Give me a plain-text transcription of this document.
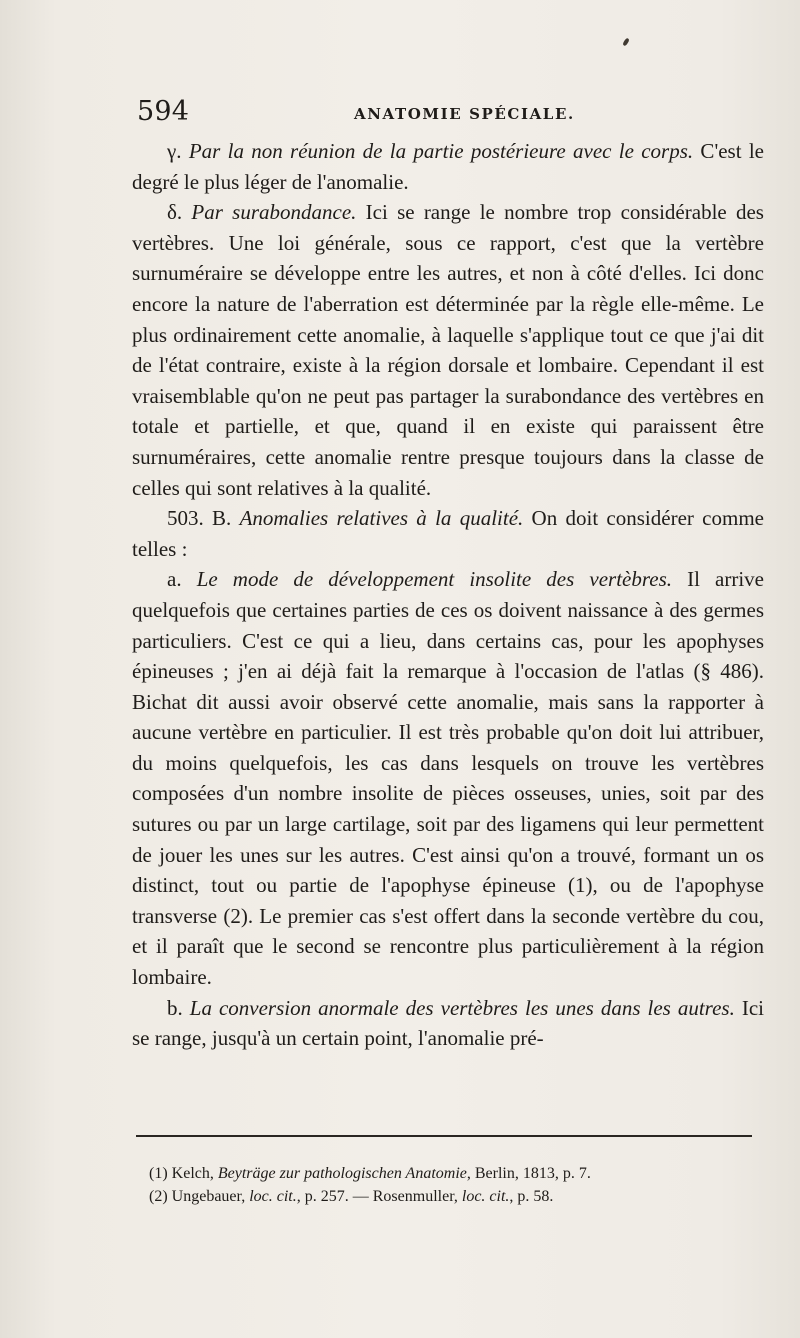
594	ANATOMIE SPÉCIALE.

γ. Par la non réunion de la partie postérieure avec le corps. C'est le degré le plus léger de l'anomalie.

δ. Par surabondance. Ici se range le nombre trop considérable des vertèbres. Une loi générale, sous ce rapport, c'est que la vertèbre surnuméraire se développe entre les autres, et non à côté d'elles. Ici donc encore la nature de l'aberration est déterminée par la règle elle-même. Le plus ordinairement cette anomalie, à laquelle s'applique tout ce que j'ai dit de l'état contraire, existe à la région dorsale et lombaire. Cependant il est vraisemblable qu'on ne peut pas partager la surabondance des vertèbres en totale et partielle, et que, quand il en existe qui paraissent être surnuméraires, cette anomalie rentre presque toujours dans la classe de celles qui sont relatives à la qualité.

503. B. Anomalies relatives à la qualité. On doit considérer comme telles :

a. Le mode de développement insolite des vertèbres. Il arrive quelquefois que certaines parties de ces os doivent naissance à des germes particuliers. C'est ce qui a lieu, dans certains cas, pour les apophyses épineuses ; j'en ai déjà fait la remarque à l'occasion de l'atlas (§ 486). Bichat dit aussi avoir observé cette anomalie, mais sans la rapporter à aucune vertèbre en particulier. Il est très probable qu'on doit lui attribuer, du moins quelquefois, les cas dans lesquels on trouve les vertèbres composées d'un nombre insolite de pièces osseuses, unies, soit par des sutures ou par un large cartilage, soit par des ligamens qui leur permettent de jouer les unes sur les autres. C'est ainsi qu'on a trouvé, formant un os distinct, tout ou partie de l'apophyse épineuse (1), ou de l'apophyse transverse (2). Le premier cas s'est offert dans la seconde vertèbre du cou, et il paraît que le second se rencontre plus particulièrement à la région lombaire.

b. La conversion anormale des vertèbres les unes dans les autres. Ici se range, jusqu'à un certain point, l'anomalie pré-

(1) Kelch, Beyträge zur pathologischen Anatomie, Berlin, 1813, p. 7.

(2) Ungebauer, loc. cit., p. 257. — Rosenmuller, loc. cit., p. 58.
